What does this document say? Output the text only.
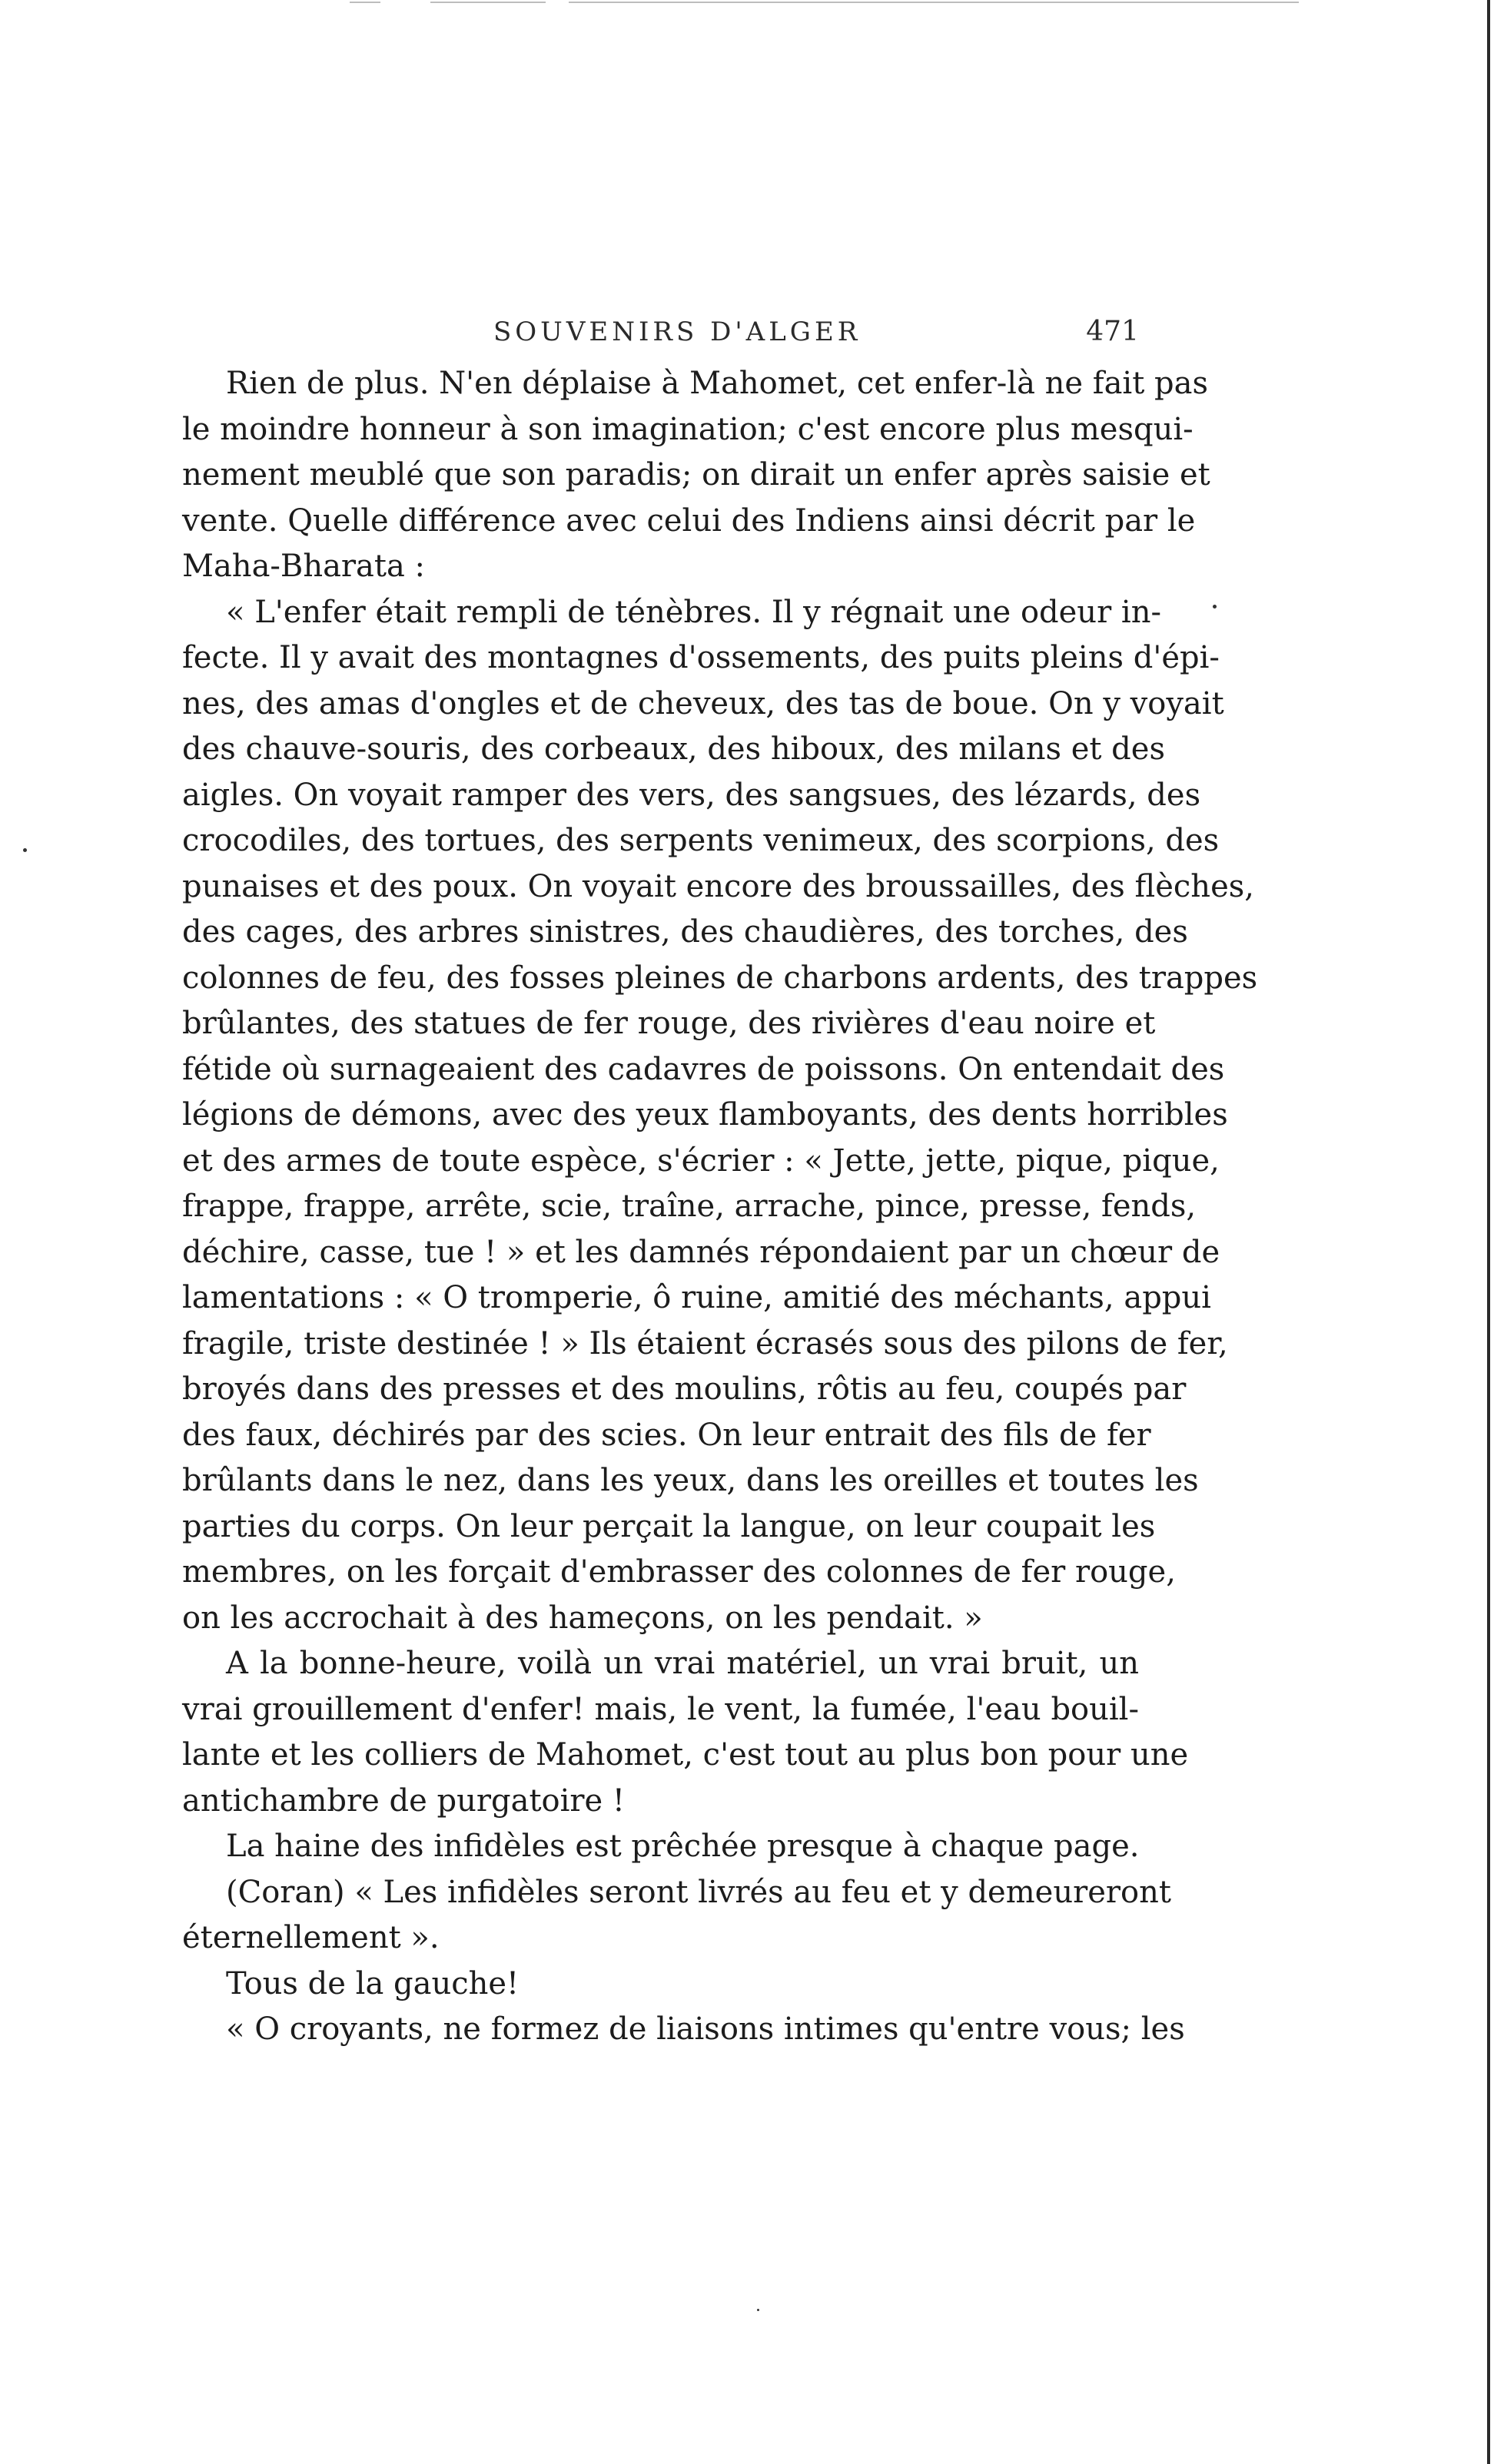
SOUVENIRS D'ALGER	471
Rien de plus. N'en déplaise à Mahomet, cet enfer-là ne fait pas
le moindre honneur à son imagination; c'est encore plus mesqui-
nement meublé que son paradis; on dirait un enfer après saisie et
vente. Quelle différence avec celui des Indiens ainsi décrit par le
Maha-Bharata :
« L'enfer était rempli de ténèbres. Il y régnait une odeur in-
fecte. Il y avait des montagnes d'ossements, des puits pleins d'épi-
nes, des amas d'ongles et de cheveux, des tas de boue. On y voyait
des chauve-souris, des corbeaux, des hiboux, des milans et des
aigles. On voyait ramper des vers, des sangsues, des lézards, des
crocodiles, des tortues, des serpents venimeux, des scorpions, des
punaises et des poux. On voyait encore des broussailles, des flèches,
des cages, des arbres sinistres, des chaudières, des torches, des
colonnes de feu, des fosses pleines de charbons ardents, des trappes
brûlantes, des statues de fer rouge, des rivières d'eau noire et
fétide où surnageaient des cadavres de poissons. On entendait des
légions de démons, avec des yeux flamboyants, des dents horribles
et des armes de toute espèce, s'écrier : « Jette, jette, pique, pique,
frappe, frappe, arrête, scie, traîne, arrache, pince, presse, fends,
déchire, casse, tue ! » et les damnés répondaient par un chœur de
lamentations : « O tromperie, ô ruine, amitié des méchants, appui
fragile, triste destinée ! » Ils étaient écrasés sous des pilons de fer,
broyés dans des presses et des moulins, rôtis au feu, coupés par
des faux, déchirés par des scies. On leur entrait des fils de fer
brûlants dans le nez, dans les yeux, dans les oreilles et toutes les
parties du corps. On leur perçait la langue, on leur coupait les
membres, on les forçait d'embrasser des colonnes de fer rouge,
on les accrochait à des hameçons, on les pendait. »
A la bonne-heure, voilà un vrai matériel, un vrai bruit, un
vrai grouillement d'enfer! mais, le vent, la fumée, l'eau bouil-
lante et les colliers de Mahomet, c'est tout au plus bon pour une
antichambre de purgatoire !
La haine des infidèles est prêchée presque à chaque page.
(Coran) « Les infidèles seront livrés au feu et y demeureront
éternellement ».
Tous de la gauche!
« O croyants, ne formez de liaisons intimes qu'entre vous; les
